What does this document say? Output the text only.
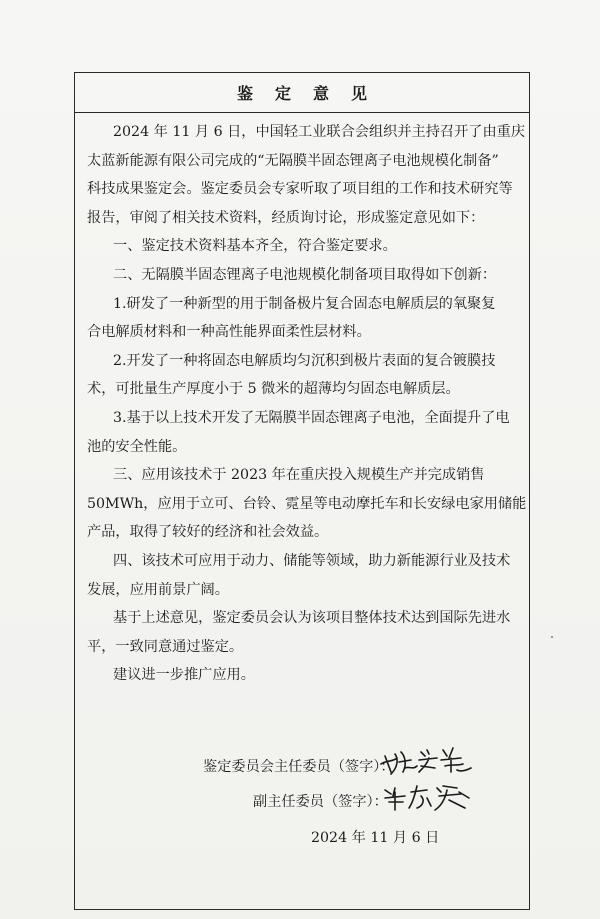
鉴定意见
2024 年 11 月 6 日，中国轻工业联合会组织并主持召开了由重庆
太蓝新能源有限公司完成的“无隔膜半固态锂离子电池规模化制备”
科技成果鉴定会。鉴定委员会专家听取了项目组的工作和技术研究等
报告，审阅了相关技术资料，经质询讨论，形成鉴定意见如下：
一、鉴定技术资料基本齐全，符合鉴定要求。
二、无隔膜半固态锂离子电池规模化制备项目取得如下创新：
1.研发了一种新型的用于制备极片复合固态电解质层的氧聚复
合电解质材料和一种高性能界面柔性层材料。
2.开发了一种将固态电解质均匀沉积到极片表面的复合镀膜技
术，可批量生产厚度小于 5 微米的超薄均匀固态电解质层。
3.基于以上技术开发了无隔膜半固态锂离子电池，全面提升了电
池的安全性能。
三、应用该技术于 2023 年在重庆投入规模生产并完成销售
50MWh，应用于立可、台铃、霓星等电动摩托车和长安绿电家用储能
产品，取得了较好的经济和社会效益。
四、该技术可应用于动力、储能等领域，助力新能源行业及技术
发展，应用前景广阔。
基于上述意见，鉴定委员会认为该项目整体技术达到国际先进水
平，一致同意通过鉴定。
建议进一步推广应用。
鉴定委员会主任委员（签字）：
副主任委员（签字）：
2024 年 11 月 6 日
